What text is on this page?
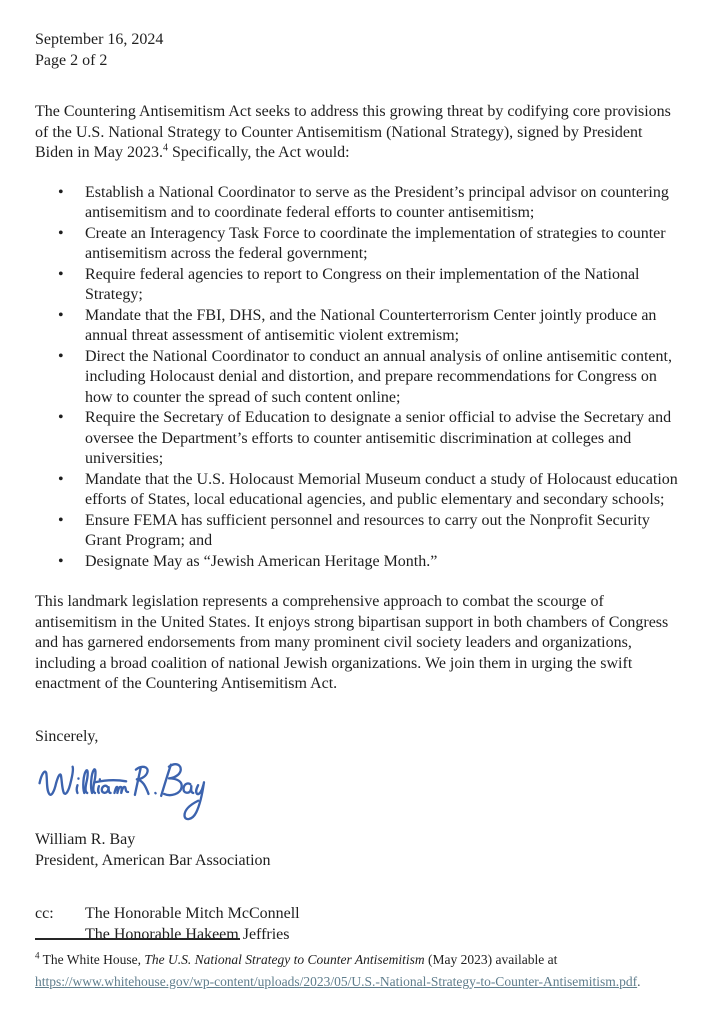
September 16, 2024
Page 2 of 2

The Countering Antisemitism Act seeks to address this growing threat by codifying core provisions of the U.S. National Strategy to Counter Antisemitism (National Strategy), signed by President Biden in May 2023.$^4$ Specifically, the Act would:

• Establish a National Coordinator to serve as the President’s principal advisor on countering antisemitism and to coordinate federal efforts to counter antisemitism;
• Create an Interagency Task Force to coordinate the implementation of strategies to counter antisemitism across the federal government;
• Require federal agencies to report to Congress on their implementation of the National Strategy;
• Mandate that the FBI, DHS, and the National Counterterrorism Center jointly produce an annual threat assessment of antisemitic violent extremism;
• Direct the National Coordinator to conduct an annual analysis of online antisemitic content, including Holocaust denial and distortion, and prepare recommendations for Congress on how to counter the spread of such content online;
• Require the Secretary of Education to designate a senior official to advise the Secretary and oversee the Department’s efforts to counter antisemitic discrimination at colleges and universities;
• Mandate that the U.S. Holocaust Memorial Museum conduct a study of Holocaust education efforts of States, local educational agencies, and public elementary and secondary schools;
• Ensure FEMA has sufficient personnel and resources to carry out the Nonprofit Security Grant Program; and
• Designate May as “Jewish American Heritage Month.”

This landmark legislation represents a comprehensive approach to combat the scourge of antisemitism in the United States. It enjoys strong bipartisan support in both chambers of Congress and has garnered endorsements from many prominent civil society leaders and organizations, including a broad coalition of national Jewish organizations. We join them in urging the swift enactment of the Countering Antisemitism Act.

Sincerely,

William R. Bay
President, American Bar Association
cc:	The Honorable Mitch McConnell
The Honorable Hakeem Jeffries
$^4$ The White House, The U.S. National Strategy to Counter Antisemitism (May 2023) available at
https://www.whitehouse.gov/wp-content/uploads/2023/05/U.S.-National-Strategy-to-Counter-Antisemitism.pdf.
